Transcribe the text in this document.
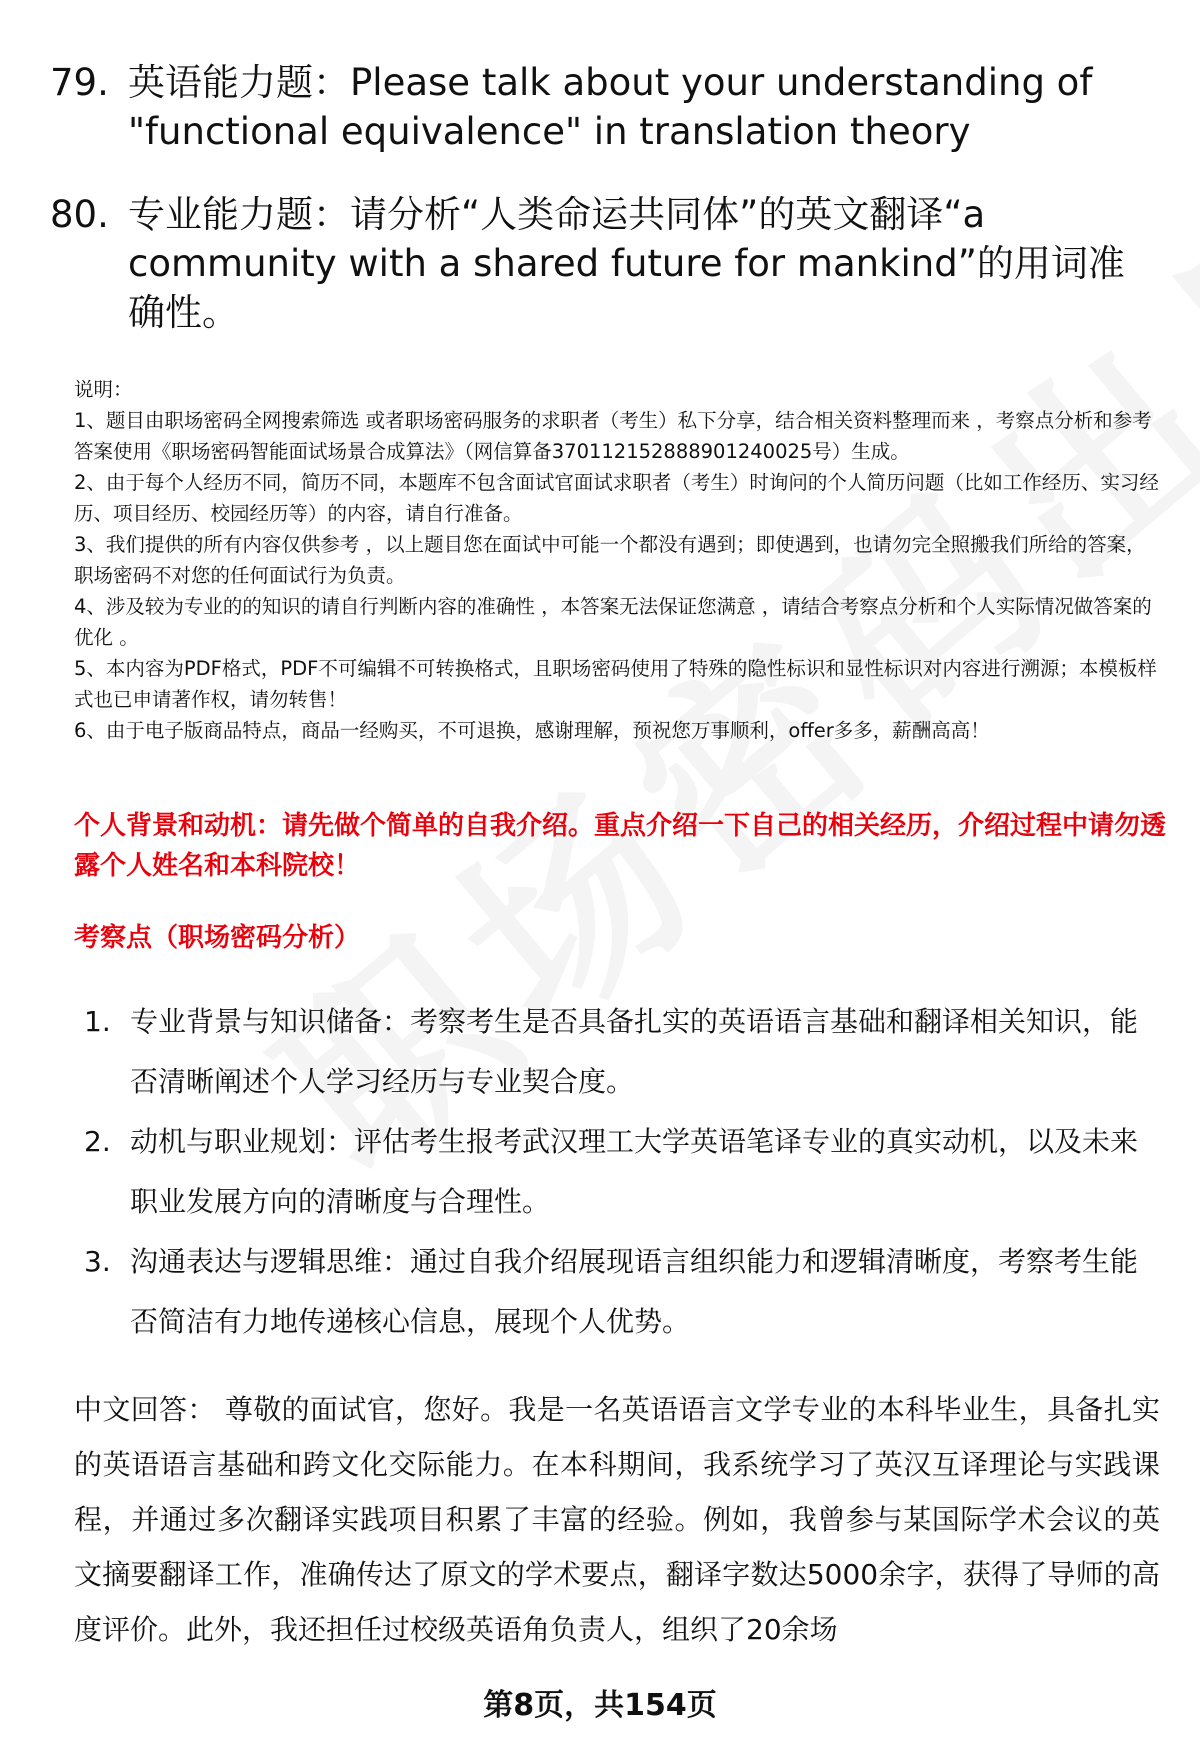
79. 英语能力题：Please talk about your understanding of "functional equivalence" in translation theory
80. 专业能力题：请分析“人类命运共同体”的英文翻译“a community with a shared future for mankind”的用词准确性。

说明：

1、题目由职场密码全网搜索筛选 或者职场密码服务的求职者（考生）私下分享，结合相关资料整理而来 ，考察点分析和参考答案使用《职场密码智能面试场景合成算法》（网信算备370112152888901240025号）生成。

2、由于每个人经历不同，简历不同，本题库不包含面试官面试求职者（考生）时询问的个人简历问题（比如工作经历、实习经历、项目经历、校园经历等）的内容，请自行准备。

3、我们提供的所有内容仅供参考 ，以上题目您在面试中可能一个都没有遇到；即使遇到，也请勿完全照搬我们所给的答案，职场密码不对您的任何面试行为负责。

4、涉及较为专业的的知识的请自行判断内容的准确性 ，本答案无法保证您满意 ，请结合考察点分析和个人实际情况做答案的优化 。

5、本内容为PDF格式，PDF不可编辑不可转换格式，且职场密码使用了特殊的隐性标识和显性标识对内容进行溯源；本模板样式也已申请著作权，请勿转售！

6、由于电子版商品特点，商品一经购买，不可退换，感谢理解，预祝您万事顺利，offer多多，薪酬高高！

个人背景和动机：请先做个简单的自我介绍。重点介绍一下自己的相关经历，介绍过程中请勿透露个人姓名和本科院校！
考察点（职场密码分析）
1. 专业背景与知识储备：考察考生是否具备扎实的英语语言基础和翻译相关知识，能否清晰阐述个人学习经历与专业契合度。
2. 动机与职业规划：评估考生报考武汉理工大学英语笔译专业的真实动机，以及未来职业发展方向的清晰度与合理性。
3. 沟通表达与逻辑思维：通过自我介绍展现语言组织能力和逻辑清晰度，考察考生能否简洁有力地传递核心信息，展现个人优势。
中文回答： 尊敬的面试官，您好。我是一名英语语言文学专业的本科毕业生，具备扎实的英语语言基础和跨文化交际能力。在本科期间，我系统学习了英汉互译理论与实践课程，并通过多次翻译实践项目积累了丰富的经验。例如，我曾参与某国际学术会议的英文摘要翻译工作，准确传达了原文的学术要点，翻译字数达5000余字，获得了导师的高度评价。此外，我还担任过校级英语角负责人，组织了20余场
第8页，共154页
